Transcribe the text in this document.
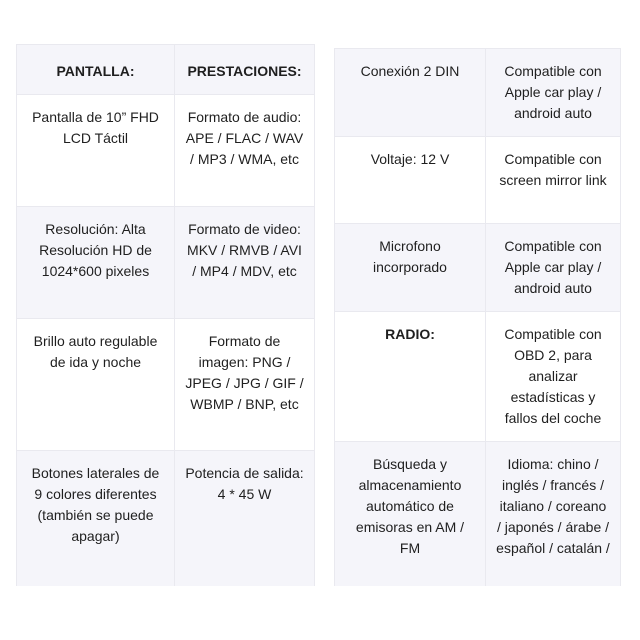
PANTALLA:	PRESTACIONES:
Pantalla de 10” FHD LCD Táctil	Formato de audio: APE / FLAC / WAV / MP3 / WMA, etc
Resolución: Alta Resolución HD de 1024*600 pixeles	Formato de video: MKV / RMVB / AVI / MP4 / MDV, etc
Brillo auto regulable de ida y noche	Formato de imagen: PNG / JPEG / JPG / GIF / WBMP / BNP, etc
Botones laterales de 9 colores diferentes (también se puede apagar)	Potencia de salida: 4 * 45 W
Conexión 2 DIN	Compatible con Apple car play / android auto
Voltaje: 12 V	Compatible con screen mirror link
Microfono incorporado	Compatible con Apple car play / android auto
RADIO:	Compatible con OBD 2, para analizar estadísticas y fallos del coche
Búsqueda y almacenamiento automático de emisoras en AM / FM	Idioma: chino / inglés / francés / italiano / coreano / japonés / árabe / español / catalán /
